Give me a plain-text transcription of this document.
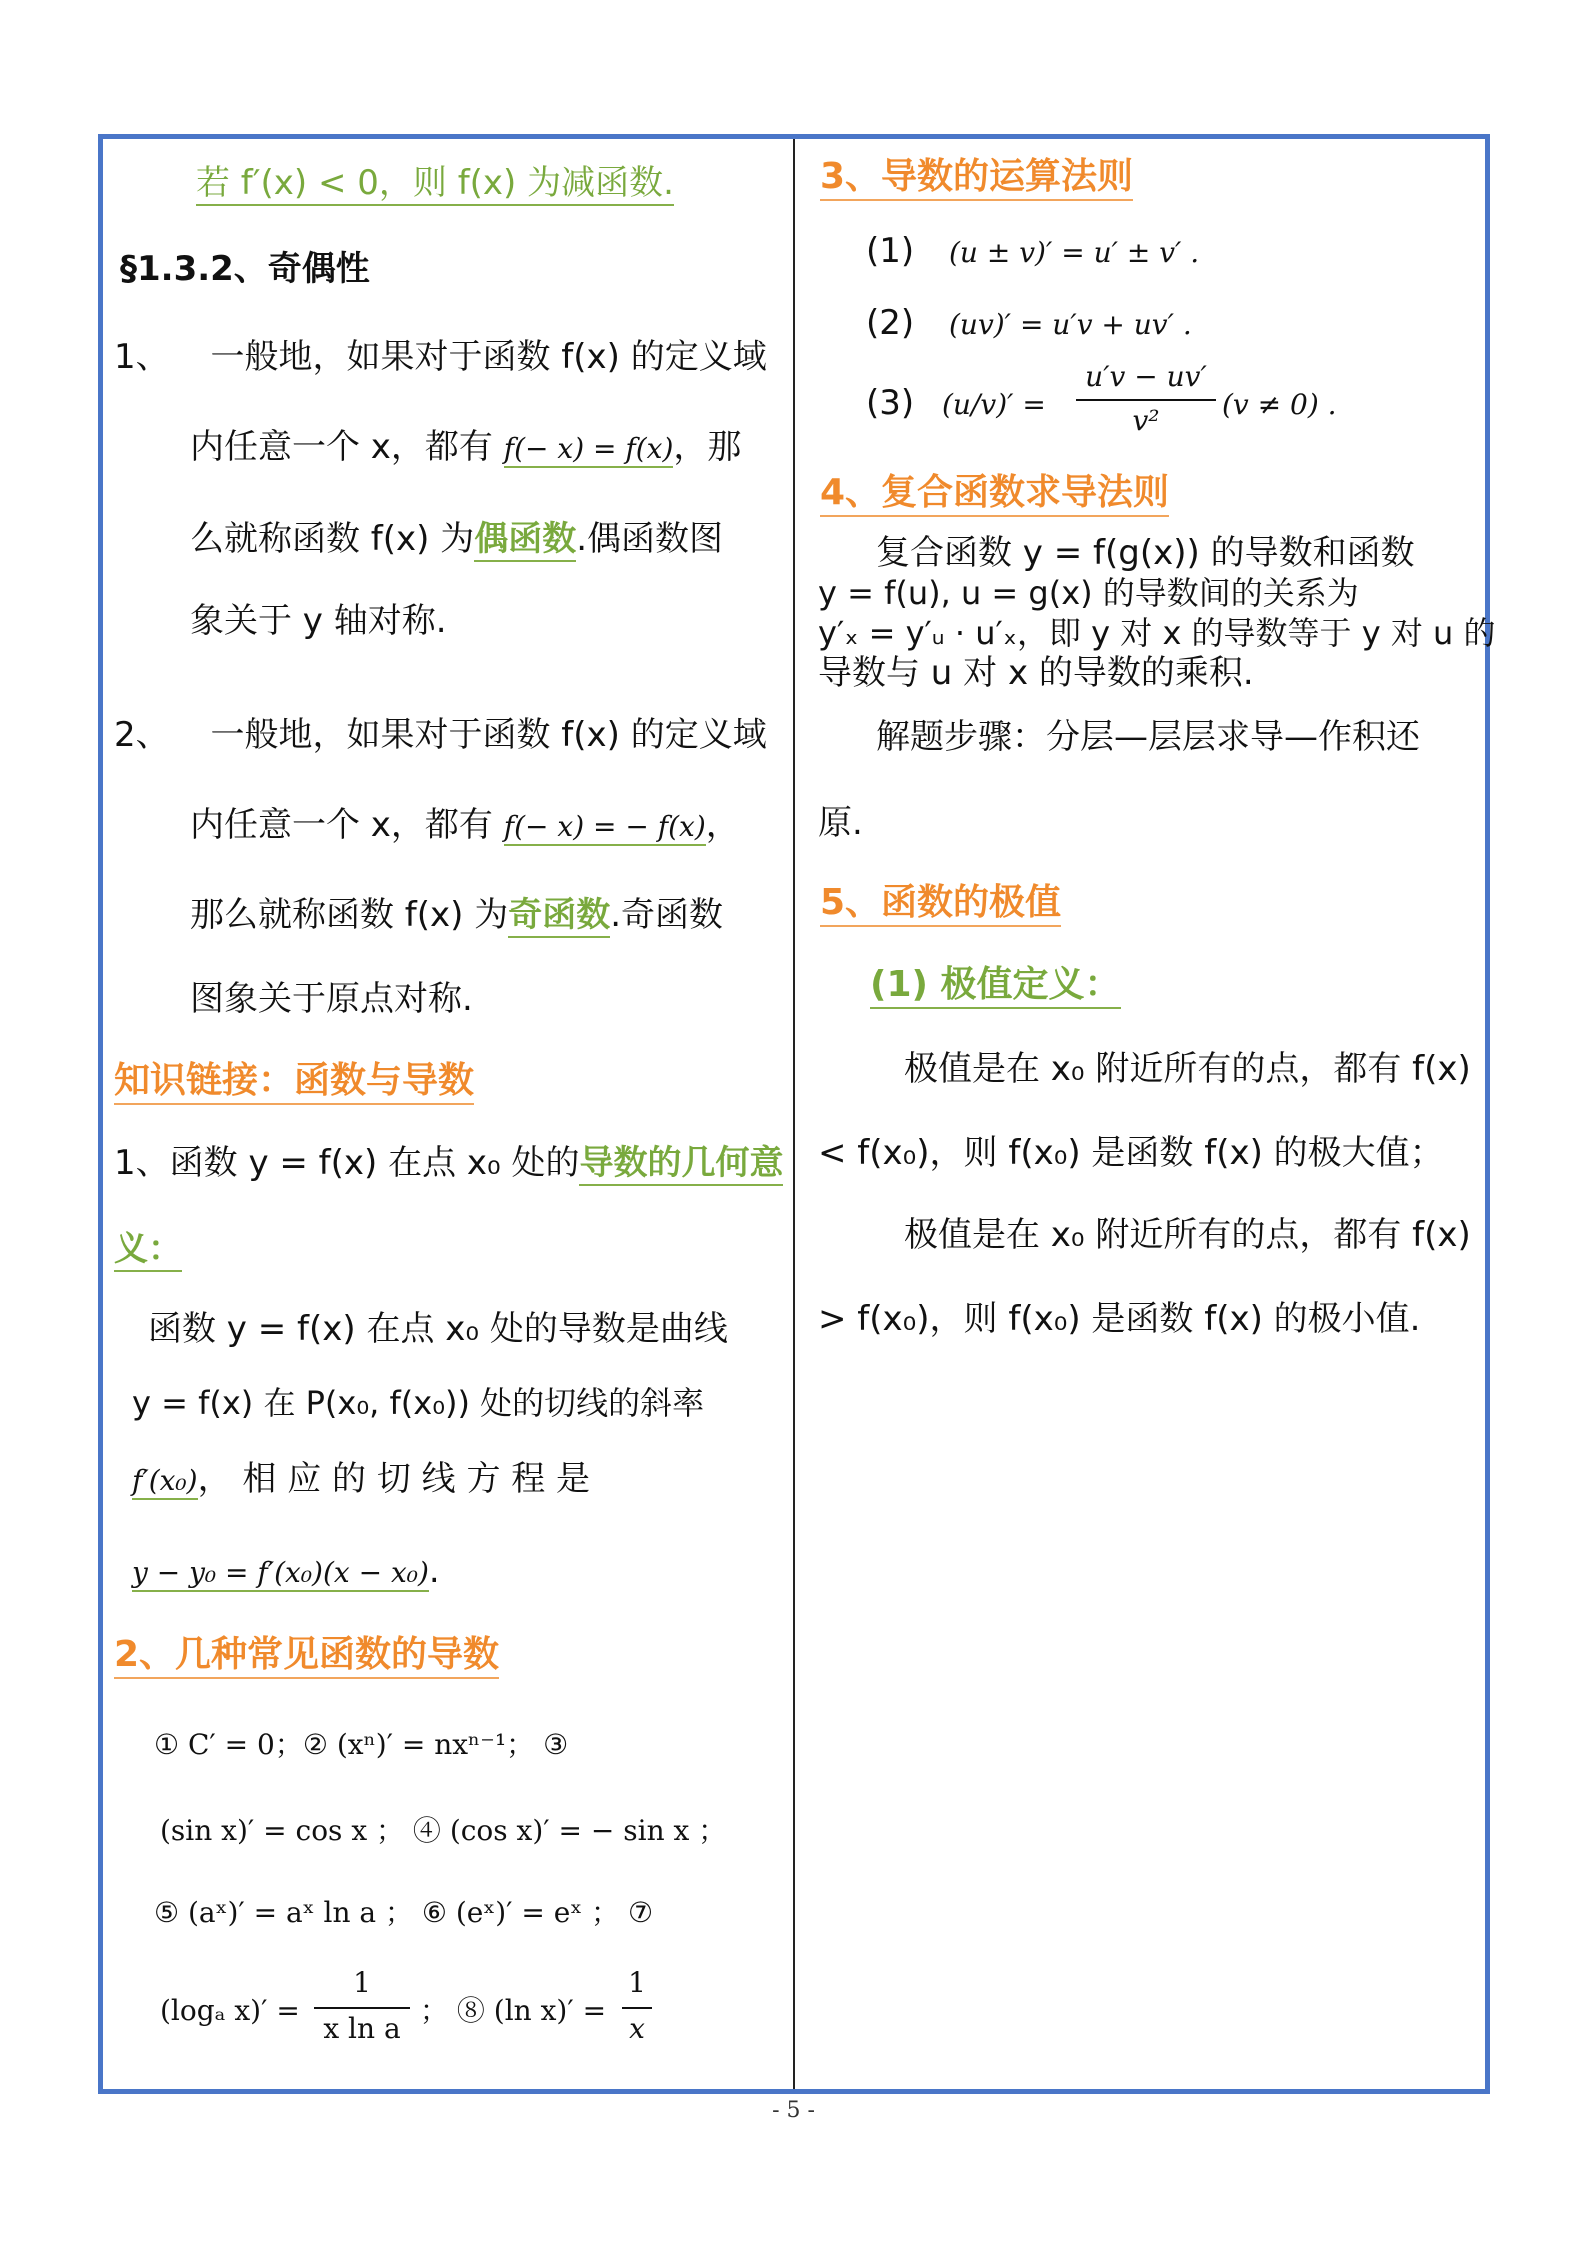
若 f′(x) < 0，则 f(x) 为减函数.
§1.3.2、奇偶性
1、 一般地，如果对于函数 f(x) 的定义域
内任意一个 x，都有 f(− x) = f(x)，那
么就称函数 f(x) 为偶函数.偶函数图
象关于 y 轴对称.
2、 一般地，如果对于函数 f(x) 的定义域
内任意一个 x，都有 f(− x) = − f(x)，
那么就称函数 f(x) 为奇函数.奇函数
图象关于原点对称.
知识链接：函数与导数
1、函数 y = f(x) 在点 x₀ 处的导数的几何意
义：
函数 y = f(x) 在点 x₀ 处的导数是曲线
y = f(x) 在 P(x₀, f(x₀)) 处的切线的斜率
f′(x₀)， 相 应 的 切 线 方 程 是
y − y₀ = f′(x₀)(x − x₀).
2、几种常见函数的导数
① C′ = 0；② (xⁿ)′ = nxⁿ⁻¹； ③
(sin x)′ = cos x ； ④ (cos x)′ = − sin x ；
⑤ (aˣ)′ = aˣ ln a ； ⑥ (eˣ)′ = eˣ ； ⑦
(logₐ x)′ =
1
x ln a
； ⑧ (ln x)′ =
1
x
3、导数的运算法则
(1) (u ± v)′ = u′ ± v′ .
(2) (uv)′ = u′v + uv′ .
(3) (u/v)′ =
u′v − uv′
v²	(v ≠ 0) .
4、复合函数求导法则
复合函数 y = f(g(x)) 的导数和函数
y = f(u), u = g(x) 的导数间的关系为
y′ₓ = y′ᵤ · u′ₓ，即 y 对 x 的导数等于 y 对 u 的
导数与 u 对 x 的导数的乘积.
解题步骤：分层—层层求导—作积还
原.
5、函数的极值
(1) 极值定义：
极值是在 x₀ 附近所有的点，都有 f(x)
< f(x₀)，则 f(x₀) 是函数 f(x) 的极大值；
极值是在 x₀ 附近所有的点，都有 f(x)
> f(x₀)，则 f(x₀) 是函数 f(x) 的极小值.
- 5 -
